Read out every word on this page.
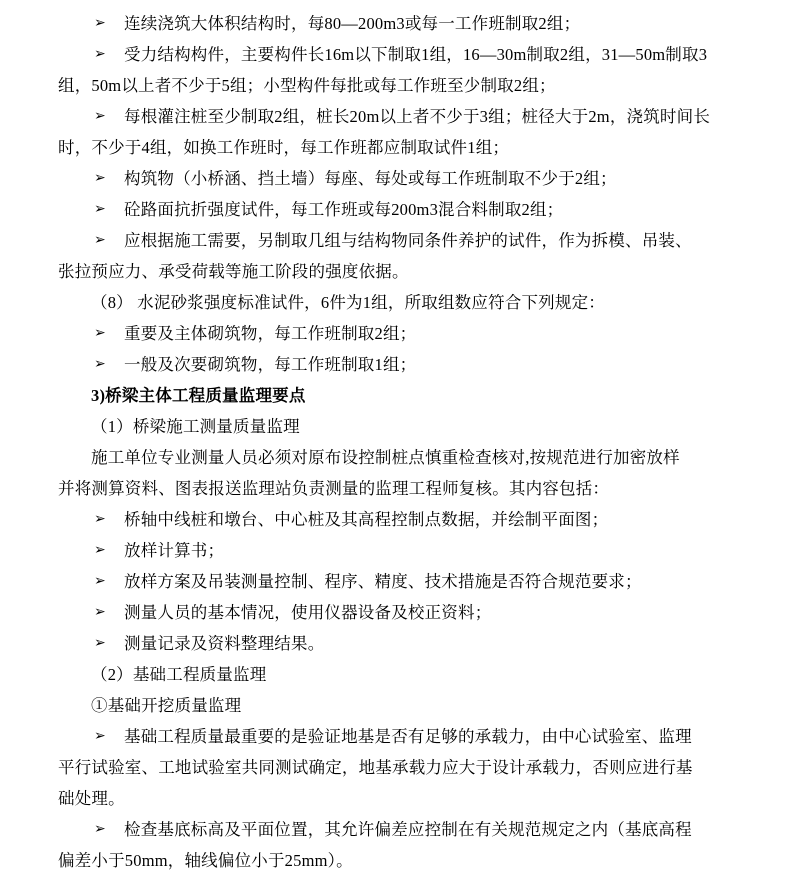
➢	连续浇筑大体积结构时，每80—200m3或每一工作班制取2组；
➢	受力结构构件，主要构件长16m以下制取1组，16—30m制取2组，31—50m制取3
组，50m以上者不少于5组；小型构件每批或每工作班至少制取2组；
➢	每根灌注桩至少制取2组，桩长20m以上者不少于3组；桩径大于2m，浇筑时间长
时，不少于4组，如换工作班时，每工作班都应制取试件1组；
➢	构筑物（小桥涵、挡土墙）每座、每处或每工作班制取不少于2组；
➢	砼路面抗折强度试件，每工作班或每200m3混合料制取2组；
➢	应根据施工需要，另制取几组与结构物同条件养护的试件，作为拆模、吊装、
张拉预应力、承受荷载等施工阶段的强度依据。
（8） 水泥砂浆强度标准试件，6件为1组，所取组数应符合下列规定：
➢	重要及主体砌筑物，每工作班制取2组；
➢	一般及次要砌筑物，每工作班制取1组；
3)桥梁主体工程质量监理要点
（1）桥梁施工测量质量监理
施工单位专业测量人员必须对原布设控制桩点慎重检查核对,按规范进行加密放样
并将测算资料、图表报送监理站负责测量的监理工程师复核。其内容包括：
➢	桥轴中线桩和墩台、中心桩及其高程控制点数据，并绘制平面图；
➢	放样计算书；
➢	放样方案及吊装测量控制、程序、精度、技术措施是否符合规范要求；
➢	测量人员的基本情况，使用仪器设备及校正资料；
➢	测量记录及资料整理结果。
（2）基础工程质量监理
①基础开挖质量监理
➢	基础工程质量最重要的是验证地基是否有足够的承载力，由中心试验室、监理
平行试验室、工地试验室共同测试确定，地基承载力应大于设计承载力，否则应进行基
础处理。
➢	检查基底标高及平面位置，其允许偏差应控制在有关规范规定之内（基底高程
偏差小于50mm，轴线偏位小于25mm）。
